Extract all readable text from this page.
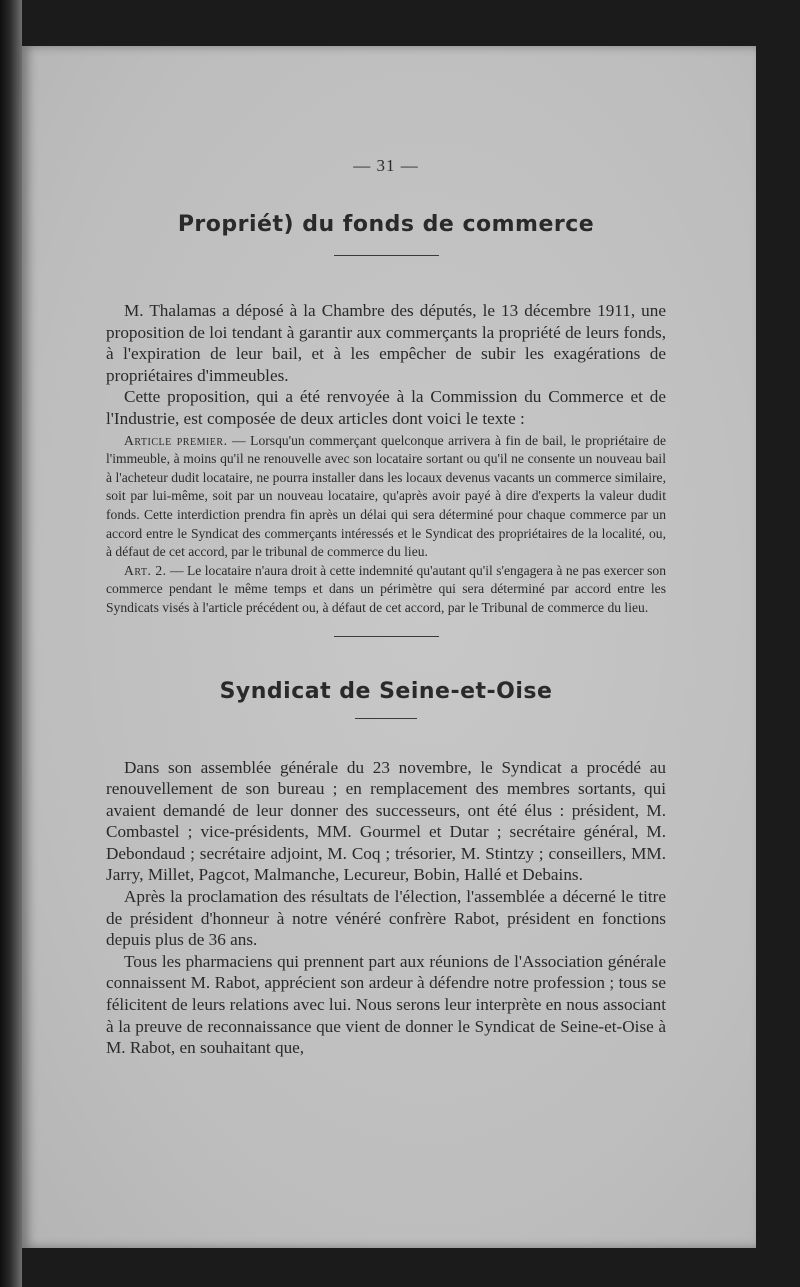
— 31 —
Propriét) du fonds de commerce

M. Thalamas a déposé à la Chambre des députés, le 13 décembre 1911, une proposition de loi tendant à garantir aux commerçants la propriété de leurs fonds, à l'expiration de leur bail, et à les empêcher de subir les exagérations de propriétaires d'immeubles.

Cette proposition, qui a été renvoyée à la Commission du Commerce et de l'Industrie, est composée de deux articles dont voici le texte :

Article premier. — Lorsqu'un commerçant quelconque arrivera à fin de bail, le propriétaire de l'immeuble, à moins qu'il ne renouvelle avec son locataire sortant ou qu'il ne consente un nouveau bail à l'acheteur dudit locataire, ne pourra installer dans les locaux devenus vacants un commerce similaire, soit par lui-même, soit par un nouveau locataire, qu'après avoir payé à dire d'experts la valeur dudit fonds. Cette interdiction prendra fin après un délai qui sera déterminé pour chaque commerce par un accord entre le Syndicat des commerçants intéressés et le Syndicat des propriétaires de la localité, ou, à défaut de cet accord, par le tribunal de commerce du lieu.

Art. 2. — Le locataire n'aura droit à cette indemnité qu'autant qu'il s'engagera à ne pas exercer son commerce pendant le même temps et dans un périmètre qui sera déterminé par accord entre les Syndicats visés à l'article précédent ou, à défaut de cet accord, par le Tribunal de commerce du lieu.

Syndicat de Seine-et-Oise

Dans son assemblée générale du 23 novembre, le Syndicat a procédé au renouvellement de son bureau ; en remplacement des membres sortants, qui avaient demandé de leur donner des successeurs, ont été élus : président, M. Combastel ; vice-présidents, MM. Gourmel et Dutar ; secrétaire général, M. Debondaud ; secrétaire adjoint, M. Coq ; trésorier, M. Stintzy ; conseillers, MM. Jarry, Millet, Pagcot, Malmanche, Lecureur, Bobin, Hallé et Debains.

Après la proclamation des résultats de l'élection, l'assemblée a décerné le titre de président d'honneur à notre vénéré confrère Rabot, président en fonctions depuis plus de 36 ans.

Tous les pharmaciens qui prennent part aux réunions de l'Association générale connaissent M. Rabot, apprécient son ardeur à défendre notre profession ; tous se félicitent de leurs relations avec lui. Nous serons leur interprète en nous associant à la preuve de reconnaissance que vient de donner le Syndicat de Seine-et-Oise à M. Rabot, en souhaitant que,
